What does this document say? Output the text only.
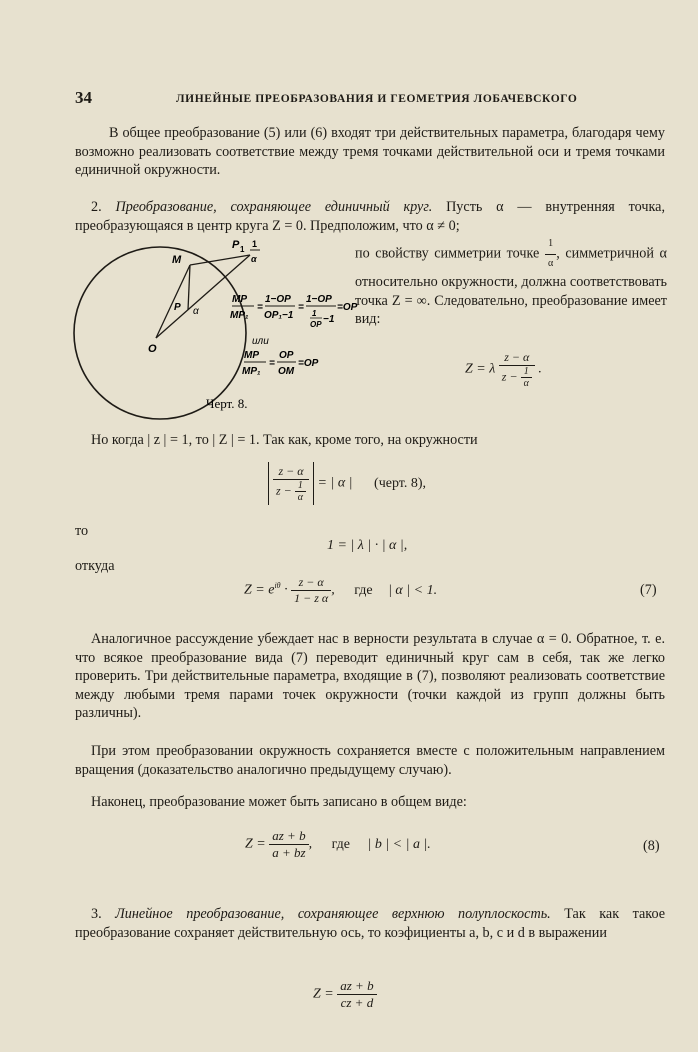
34	ЛИНЕЙНЫЕ ПРЕОБРАЗОВАНИЯ И ГЕОМЕТРИЯ ЛОБАЧЕВСКОГО
В общее преобразование (5) или (6) входят три действительных параметра, благодаря чему возможно реализовать соответствие между тремя точками действительной оси и тремя точками единичной окружности.
2. Преобразование, сохраняющее единичный круг. Пусть α — внутренняя точка, преобразующаяся в центр круга Z = 0. Предположим, что α ≠ 0;
по свойству симметрии точке $\frac{1}{\alpha}$ , симметричной α относительно окружности, должна соответствовать точка Z = ∞. Следовательно, преобразование имеет вид:
M
P α
O
P 1
1
α
MP
MP₁
=
1−OP
OP₁−1
=
1−OP
1
OP −1
=OP
или
MP
MP₁
=
OP
OM
=OP
Черт. 8.
Z = λ $\frac{z - \alpha}{z - \frac{1}{\alpha}}$ .
Но когда | z | = 1, то | Z | = 1. Так как, кроме того, на окружности
$\frac{z - \alpha}{z - \frac{1}{\alpha}}$ = | α | (черт. 8),
то
1 = | λ | · | α |,
откуда
$Z = e^{i\theta} \cdot \frac{z - \alpha}{\text{1 − z α}}$ , где | α | < 1.	(7)
Аналогичное рассуждение убеждает нас в верности результата в случае α = 0. Обратное, т. е. что всякое преобразование вида (7) переводит единичный круг сам в себя, так же легко проверить. Три действительные параметра, входящие в (7), позволяют реализовать соответствие между любыми тремя парами точек окружности (точки каждой из групп должны быть различны).
При этом преобразовании окружность сохраняется вместе с положительным направлением вращения (доказательство аналогично предыдущему случаю).
Наконец, преобразование может быть записано в общем виде:
$Z = \frac{az + b}{a + bz}$ , где | b | < | a |.	(8)
3. Линейное преобразование, сохраняющее верхнюю полуплоскость. Так как такое преобразование сохраняет действительную ось, то коэфициенты a, b, c и d в выражении
$Z = \frac{az + b}{cz + d}$
